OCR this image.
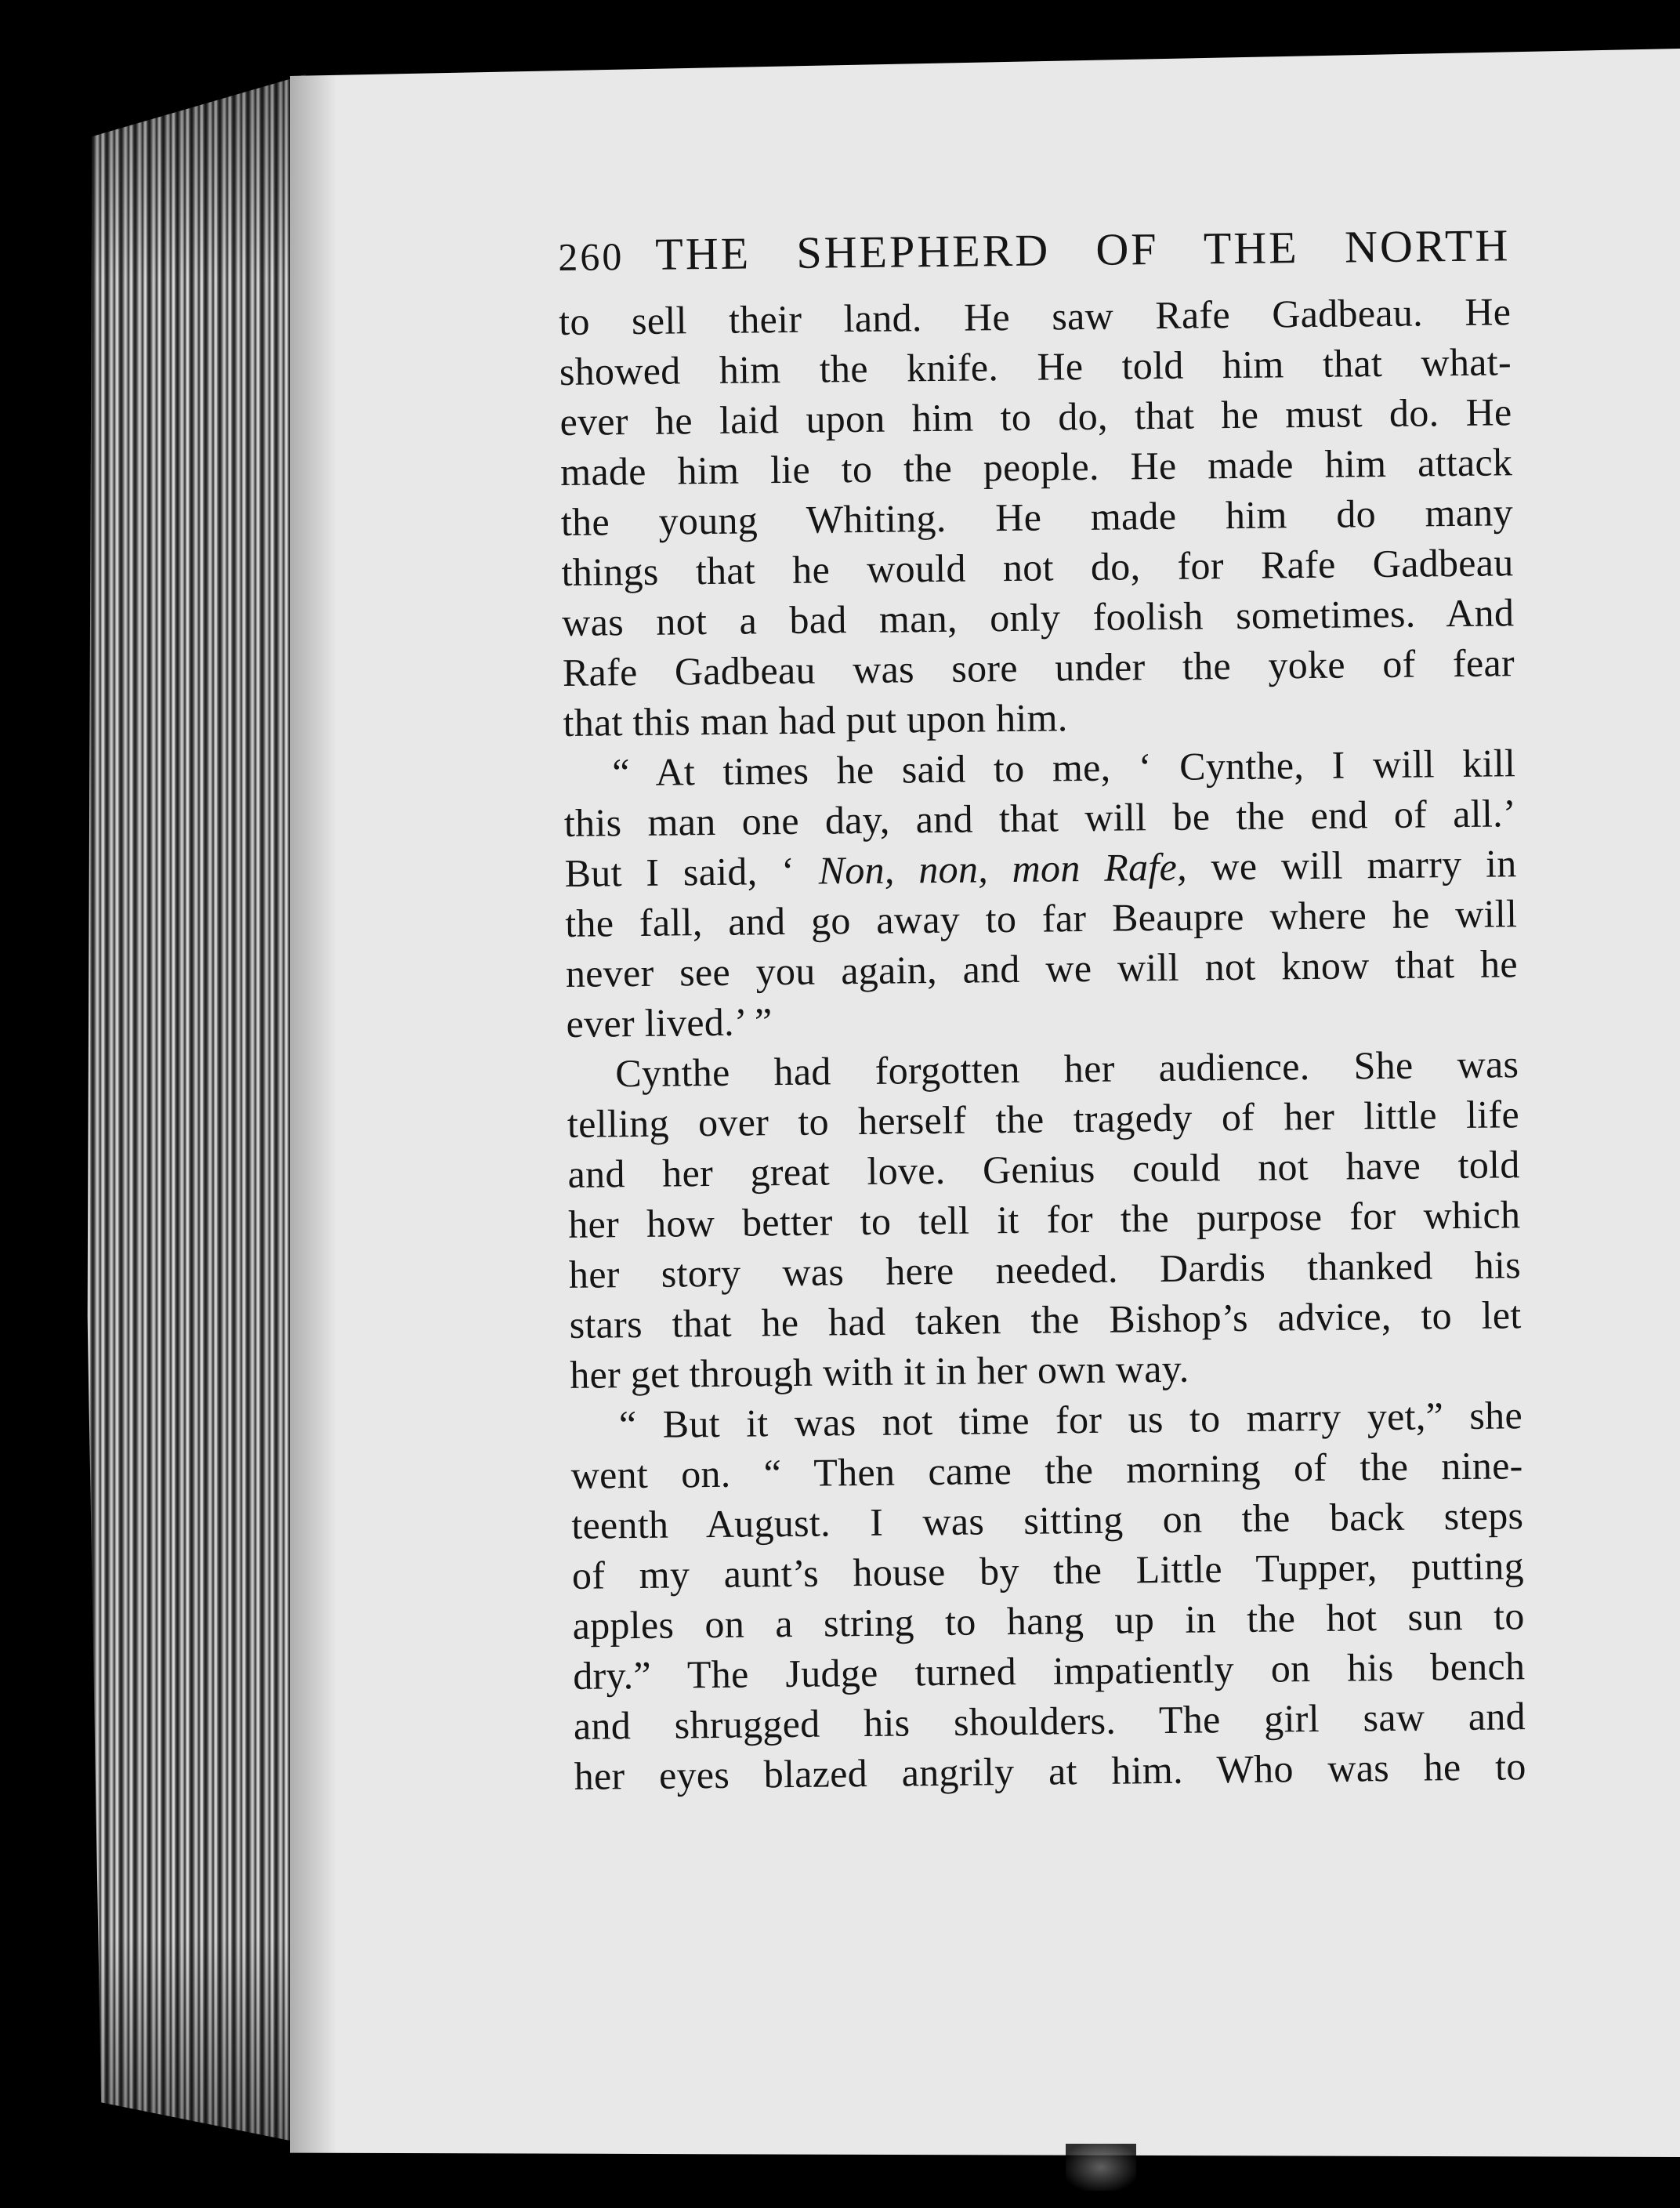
260 THE SHEPHERD OF THE NORTH
to sell their land. He saw Rafe Gadbeau. He
showed him the knife. He told him that what-
ever he laid upon him to do, that he must do. He
made him lie to the people. He made him attack
the young Whiting. He made him do many
things that he would not do, for Rafe Gadbeau
was not a bad man, only foolish sometimes. And
Rafe Gadbeau was sore under the yoke of fear
that this man had put upon him.
“ At times he said to me, ‘ Cynthe, I will kill
this man one day, and that will be the end of all.’
But I said, ‘ Non, non, mon Rafe, we will marry in
the fall, and go away to far Beaupre where he will
never see you again, and we will not know that he
ever lived.’ ”
Cynthe had forgotten her audience. She was
telling over to herself the tragedy of her little life
and her great love. Genius could not have told
her how better to tell it for the purpose for which
her story was here needed. Dardis thanked his
stars that he had taken the Bishop’s advice, to let
her get through with it in her own way.
“ But it was not time for us to marry yet,” she
went on. “ Then came the morning of the nine-
teenth August. I was sitting on the back steps
of my aunt’s house by the Little Tupper, putting
apples on a string to hang up in the hot sun to
dry.” The Judge turned impatiently on his bench
and shrugged his shoulders. The girl saw and
her eyes blazed angrily at him. Who was he to
